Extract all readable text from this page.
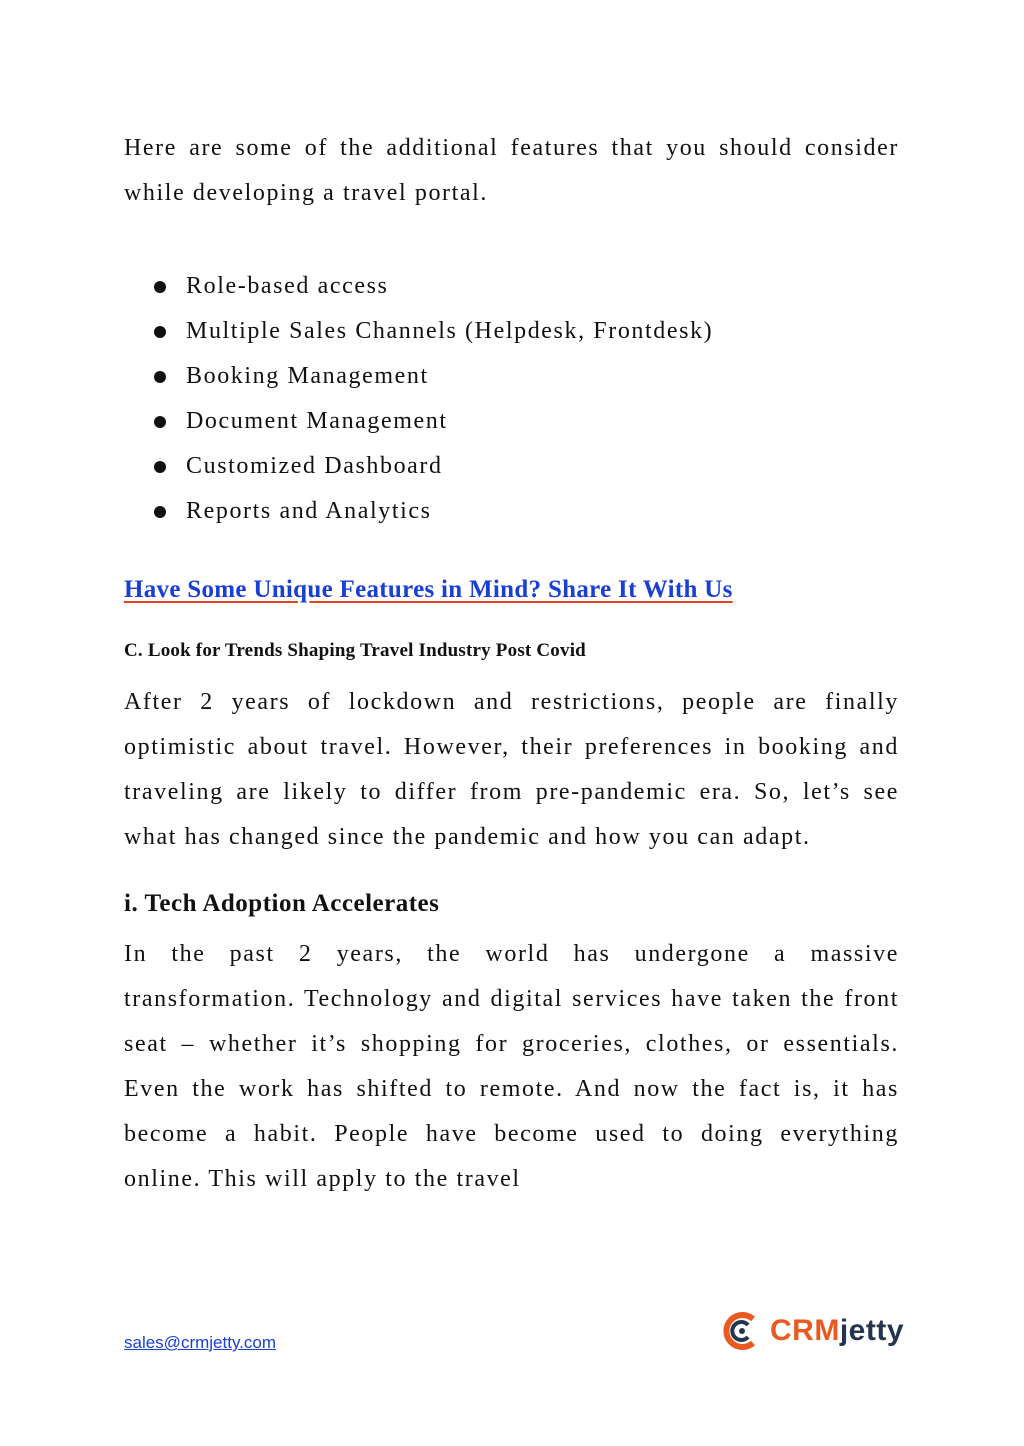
Here are some of the additional features that you should consider while developing a travel portal.

Role-based access
Multiple Sales Channels (Helpdesk, Frontdesk)
Booking Management
Document Management
Customized Dashboard
Reports and Analytics
Have Some Unique Features in Mind? Share It With Us

C. Look for Trends Shaping Travel Industry Post Covid

After 2 years of lockdown and restrictions, people are finally optimistic about travel. However, their preferences in booking and traveling are likely to differ from pre-pandemic era. So, let’s see what has changed since the pandemic and how you can adapt.

i. Tech Adoption Accelerates

In the past 2 years, the world has undergone a massive transformation. Technology and digital services have taken the front seat – whether it’s shopping for groceries, clothes, or essentials. Even the work has shifted to remote. And now the fact is, it has become a habit. People have become used to doing everything online. This will apply to the travel

sales@crmjetty.com	CRMjetty
